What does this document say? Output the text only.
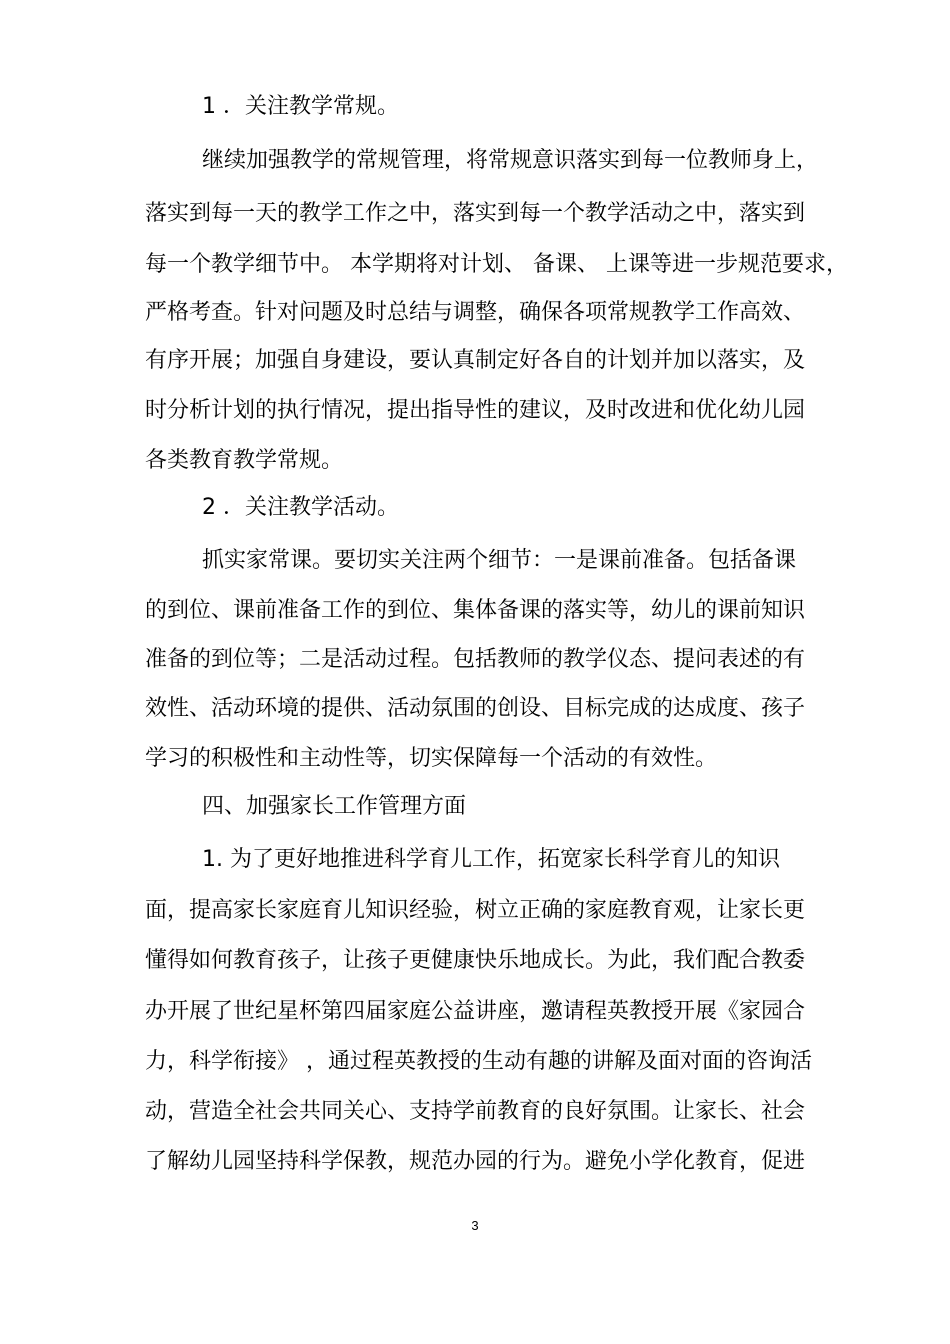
1 ．关注教学常规。
继续加强教学的常规管理，将常规意识落实到每一位教师身上，
落实到每一天的教学工作之中，落实到每一个教学活动之中，落实到
每一个教学细节中。 本学期将对计划、 备课、 上课等进一步规范要求，
严格考查。针对问题及时总结与调整，确保各项常规教学工作高效、
有序开展；加强自身建设，要认真制定好各自的计划并加以落实，及
时分析计划的执行情况，提出指导性的建议，及时改进和优化幼儿园
各类教育教学常规。
2 ．关注教学活动。
抓实家常课。要切实关注两个细节：一是课前准备。包括备课
的到位、课前准备工作的到位、集体备课的落实等，幼儿的课前知识
准备的到位等；二是活动过程。包括教师的教学仪态、提问表述的有
效性、活动环境的提供、活动氛围的创设、目标完成的达成度、孩子
学习的积极性和主动性等，切实保障每一个活动的有效性。
四、加强家长工作管理方面
1. 为了更好地推进科学育儿工作，拓宽家长科学育儿的知识
面，提高家长家庭育儿知识经验，树立正确的家庭教育观，让家长更
懂得如何教育孩子，让孩子更健康快乐地成长。为此，我们配合教委
办开展了世纪星杯第四届家庭公益讲座，邀请程英教授开展《家园合
力，科学衔接》 ，通过程英教授的生动有趣的讲解及面对面的咨询活
动，营造全社会共同关心、支持学前教育的良好氛围。让家长、社会
了解幼儿园坚持科学保教，规范办园的行为。避免小学化教育，促进
3
